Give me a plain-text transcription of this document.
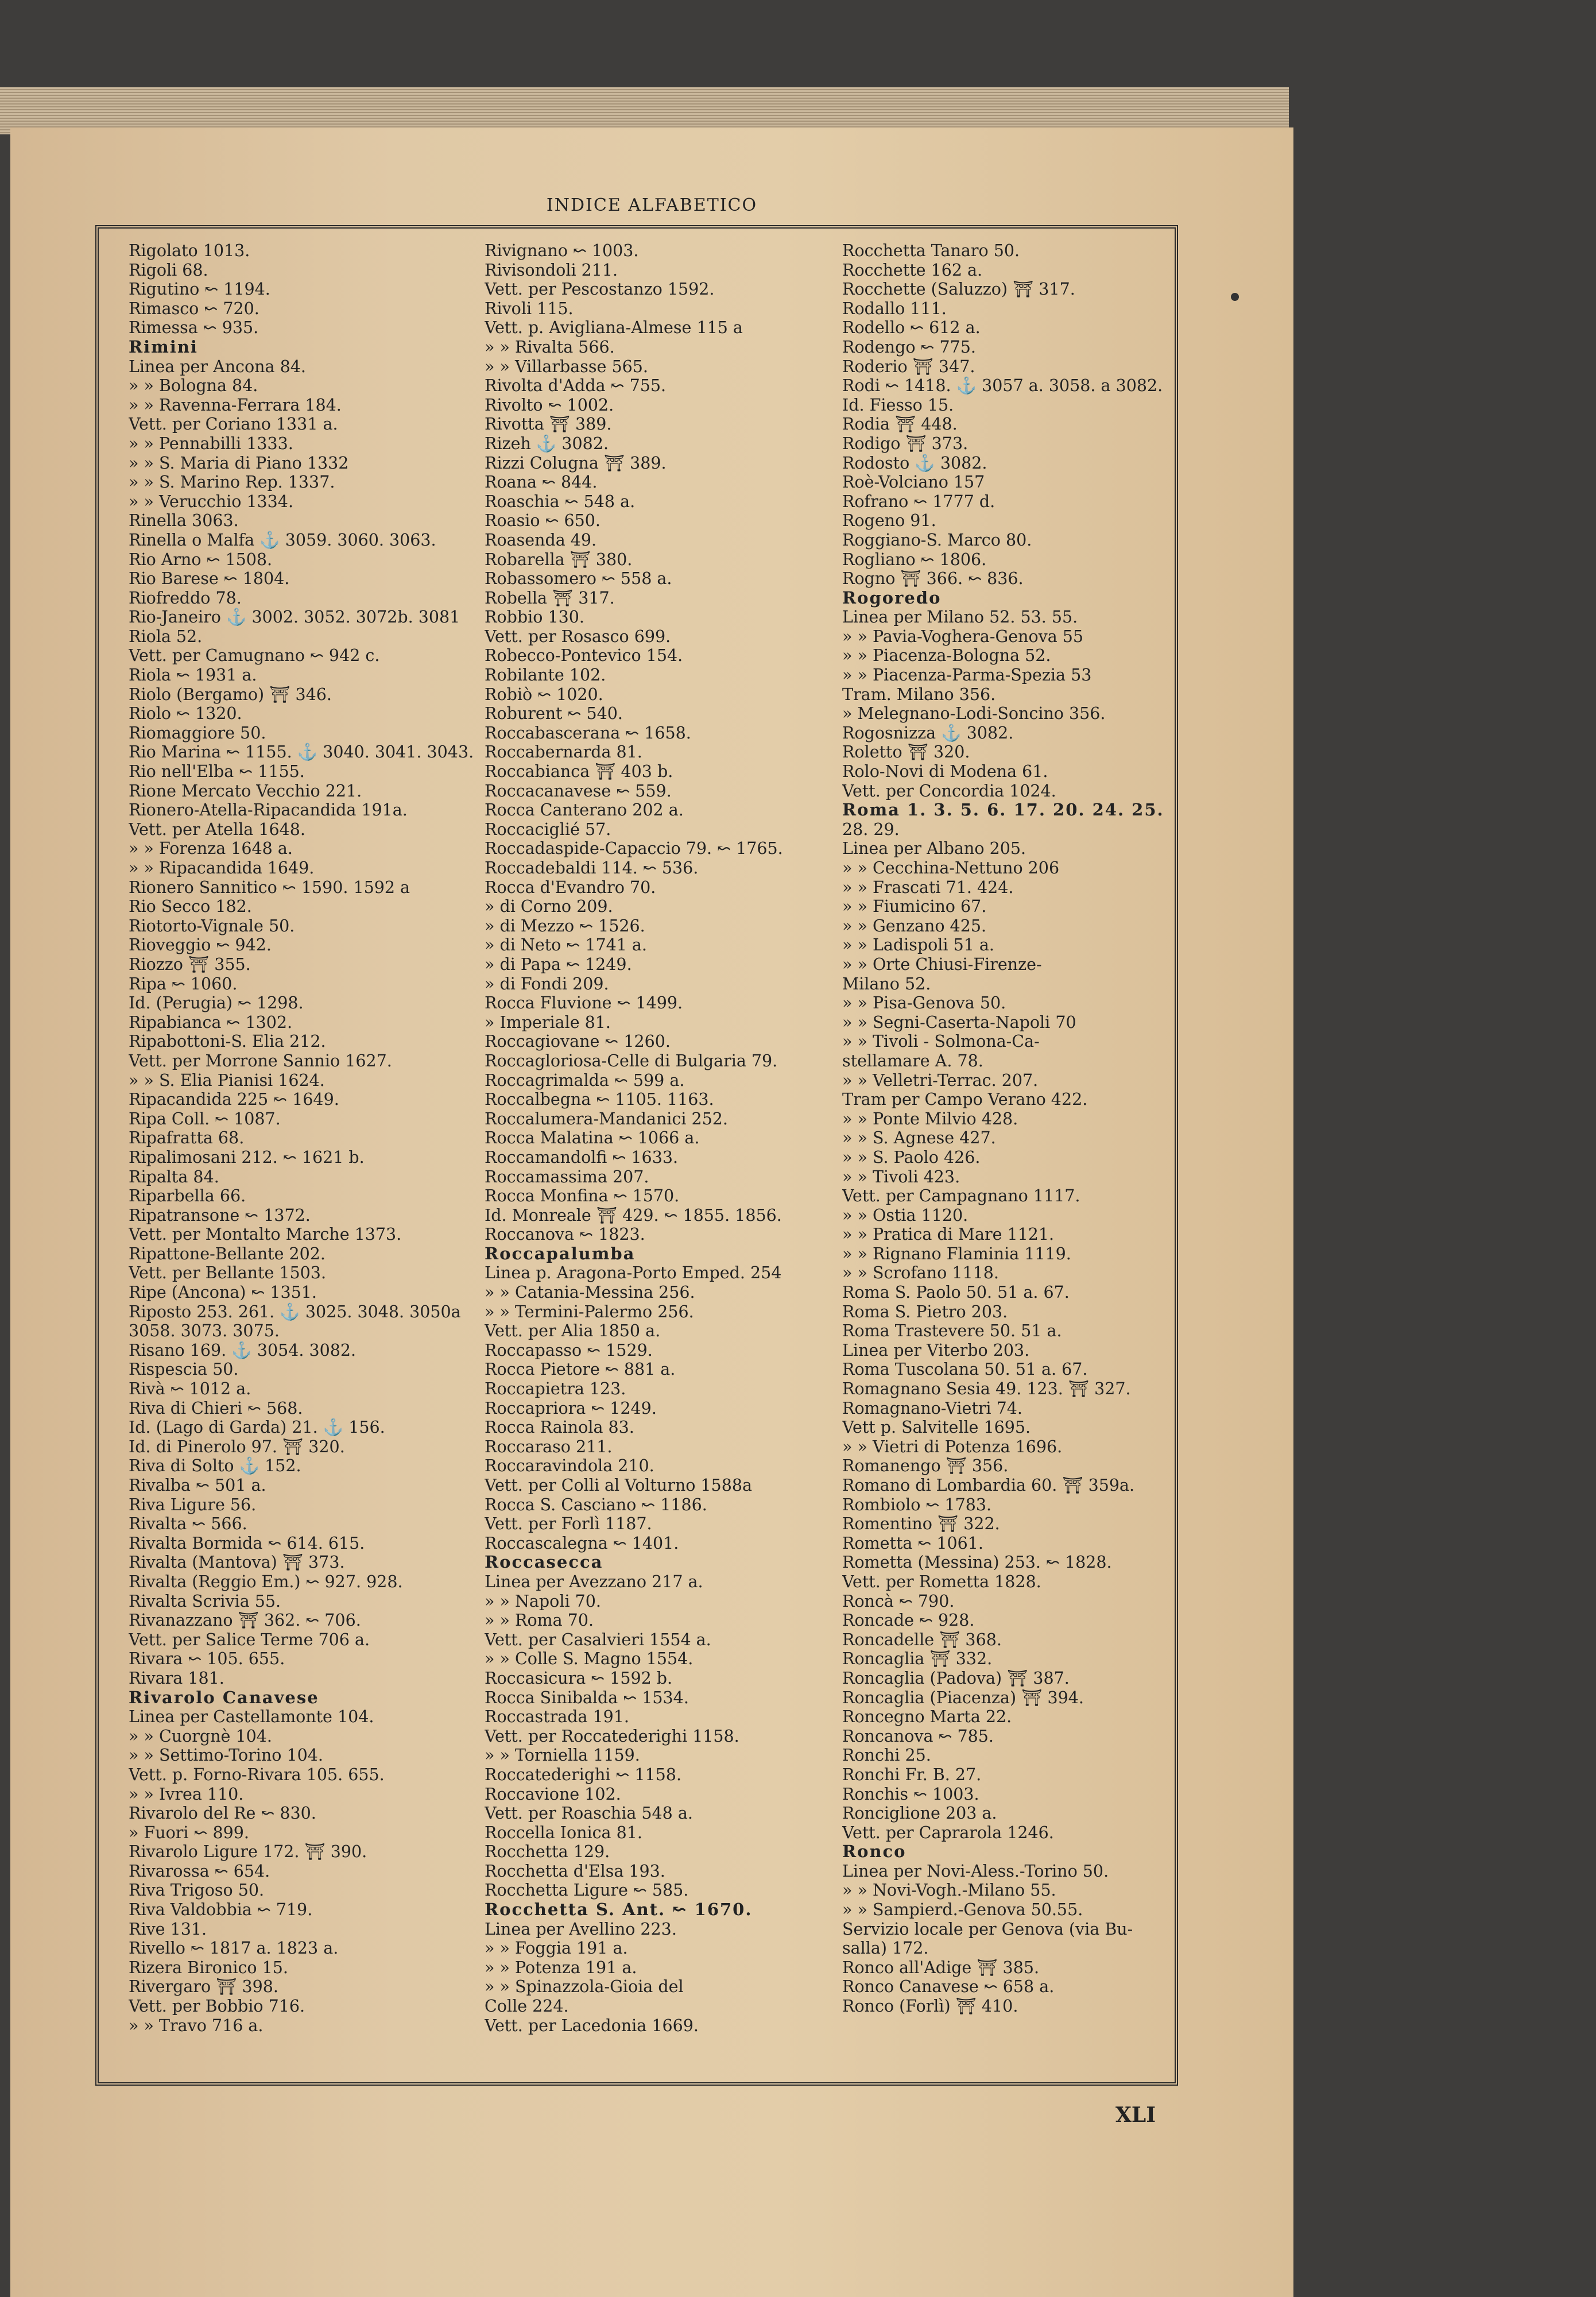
INDICE ALFABETICO
Rigolato 1013.
Rigoli 68.
Rigutino ↜ 1194.
Rimasco ↜ 720.
Rimessa ↜ 935.
Rimini
Linea per Ancona 84.
» » Bologna 84.
» » Ravenna-Ferrara 184.
Vett. per Coriano 1331 a.
» » Pennabilli 1333.
» » S. Maria di Piano 1332
» » S. Marino Rep. 1337.
» » Verucchio 1334.
Rinella 3063.
Rinella o Malfa ⚓ 3059. 3060. 3063.
Rio Arno ↜ 1508.
Rio Barese ↜ 1804.
Riofreddo 78.
Rio-Janeiro ⚓ 3002. 3052. 3072b. 3081
Riola 52.
Vett. per Camugnano ↜ 942 c.
Riola ↜ 1931 a.
Riolo (Bergamo) ⛩ 346.
Riolo ↜ 1320.
Riomaggiore 50.
Rio Marina ↜ 1155. ⚓ 3040. 3041. 3043.
Rio nell'Elba ↜ 1155.
Rione Mercato Vecchio 221.
Rionero-Atella-Ripacandida 191a.
Vett. per Atella 1648.
» » Forenza 1648 a.
» » Ripacandida 1649.
Rionero Sannitico ↜ 1590. 1592 a
Rio Secco 182.
Riotorto-Vignale 50.
Rioveggio ↜ 942.
Riozzo ⛩ 355.
Ripa ↜ 1060.
Id. (Perugia) ↜ 1298.
Ripabianca ↜ 1302.
Ripabottoni-S. Elia 212.
Vett. per Morrone Sannio 1627.
» » S. Elia Pianisi 1624.
Ripacandida 225 ↜ 1649.
Ripa Coll. ↜ 1087.
Ripafratta 68.
Ripalimosani 212. ↜ 1621 b.
Ripalta 84.
Riparbella 66.
Ripatransone ↜ 1372.
Vett. per Montalto Marche 1373.
Ripattone-Bellante 202.
Vett. per Bellante 1503.
Ripe (Ancona) ↜ 1351.
Riposto 253. 261. ⚓ 3025. 3048. 3050a
3058. 3073. 3075.
Risano 169. ⚓ 3054. 3082.
Rispescia 50.
Rivà ↜ 1012 a.
Riva di Chieri ↜ 568.
Id. (Lago di Garda) 21. ⚓ 156.
Id. di Pinerolo 97. ⛩ 320.
Riva di Solto ⚓ 152.
Rivalba ↜ 501 a.
Riva Ligure 56.
Rivalta ↜ 566.
Rivalta Bormida ↜ 614. 615.
Rivalta (Mantova) ⛩ 373.
Rivalta (Reggio Em.) ↜ 927. 928.
Rivalta Scrivia 55.
Rivanazzano ⛩ 362. ↜ 706.
Vett. per Salice Terme 706 a.
Rivara ↜ 105. 655.
Rivara 181.
Rivarolo Canavese
Linea per Castellamonte 104.
» » Cuorgnè 104.
» » Settimo-Torino 104.
Vett. p. Forno-Rivara 105. 655.
» » Ivrea 110.
Rivarolo del Re ↜ 830.
» Fuori ↜ 899.
Rivarolo Ligure 172. ⛩ 390.
Rivarossa ↜ 654.
Riva Trigoso 50.
Riva Valdobbia ↜ 719.
Rive 131.
Rivello ↜ 1817 a. 1823 a.
Rizera Bironico 15.
Rivergaro ⛩ 398.
Vett. per Bobbio 716.
» » Travo 716 a.
Rivignano ↜ 1003.
Rivisondoli 211.
Vett. per Pescostanzo 1592.
Rivoli 115.
Vett. p. Avigliana-Almese 115 a
» » Rivalta 566.
» » Villarbasse 565.
Rivolta d'Adda ↜ 755.
Rivolto ↜ 1002.
Rivotta ⛩ 389.
Rizeh ⚓ 3082.
Rizzi Colugna ⛩ 389.
Roana ↜ 844.
Roaschia ↜ 548 a.
Roasio ↜ 650.
Roasenda 49.
Robarella ⛩ 380.
Robassomero ↜ 558 a.
Robella ⛩ 317.
Robbio 130.
Vett. per Rosasco 699.
Robecco-Pontevico 154.
Robilante 102.
Robiò ↜ 1020.
Roburent ↜ 540.
Roccabascerana ↜ 1658.
Roccabernarda 81.
Roccabianca ⛩ 403 b.
Roccacanavese ↜ 559.
Rocca Canterano 202 a.
Roccaciglié 57.
Roccadaspide-Capaccio 79. ↜ 1765.
Roccadebaldi 114. ↜ 536.
Rocca d'Evandro 70.
» di Corno 209.
» di Mezzo ↜ 1526.
» di Neto ↜ 1741 a.
» di Papa ↜ 1249.
» di Fondi 209.
Rocca Fluvione ↜ 1499.
» Imperiale 81.
Roccagiovane ↜ 1260.
Roccagloriosa-Celle di Bulgaria 79.
Roccagrimalda ↜ 599 a.
Roccalbegna ↜ 1105. 1163.
Roccalumera-Mandanici 252.
Rocca Malatina ↜ 1066 a.
Roccamandolfi ↜ 1633.
Roccamassima 207.
Rocca Monfina ↜ 1570.
Id. Monreale ⛩ 429. ↜ 1855. 1856.
Roccanova ↜ 1823.
Roccapalumba
Linea p. Aragona-Porto Emped. 254
» » Catania-Messina 256.
» » Termini-Palermo 256.
Vett. per Alia 1850 a.
Roccapasso ↜ 1529.
Rocca Pietore ↜ 881 a.
Roccapietra 123.
Roccapriora ↜ 1249.
Rocca Rainola 83.
Roccaraso 211.
Roccaravindola 210.
Vett. per Colli al Volturno 1588a
Rocca S. Casciano ↜ 1186.
Vett. per Forlì 1187.
Roccascalegna ↜ 1401.
Roccasecca
Linea per Avezzano 217 a.
» » Napoli 70.
» » Roma 70.
Vett. per Casalvieri 1554 a.
» » Colle S. Magno 1554.
Roccasicura ↜ 1592 b.
Rocca Sinibalda ↜ 1534.
Roccastrada 191.
Vett. per Roccatederighi 1158.
» » Torniella 1159.
Roccatederighi ↜ 1158.
Roccavione 102.
Vett. per Roaschia 548 a.
Roccella Ionica 81.
Rocchetta 129.
Rocchetta d'Elsa 193.
Rocchetta Ligure ↜ 585.
Rocchetta S. Ant. ↜ 1670.
Linea per Avellino 223.
» » Foggia 191 a.
» » Potenza 191 a.
» » Spinazzola-Gioia del
Colle 224.
Vett. per Lacedonia 1669.
Rocchetta Tanaro 50.
Rocchette 162 a.
Rocchette (Saluzzo) ⛩ 317.
Rodallo 111.
Rodello ↜ 612 a.
Rodengo ↜ 775.
Roderio ⛩ 347.
Rodi ↜ 1418. ⚓ 3057 a. 3058. a 3082.
Id. Fiesso 15.
Rodia ⛩ 448.
Rodigo ⛩ 373.
Rodosto ⚓ 3082.
Roè-Volciano 157
Rofrano ↜ 1777 d.
Rogeno 91.
Roggiano-S. Marco 80.
Rogliano ↜ 1806.
Rogno ⛩ 366. ↜ 836.
Rogoredo
Linea per Milano 52. 53. 55.
» » Pavia-Voghera-Genova 55
» » Piacenza-Bologna 52.
» » Piacenza-Parma-Spezia 53
Tram. Milano 356.
» Melegnano-Lodi-Soncino 356.
Rogosnizza ⚓ 3082.
Roletto ⛩ 320.
Rolo-Novi di Modena 61.
Vett. per Concordia 1024.
Roma 1. 3. 5. 6. 17. 20. 24. 25.
28. 29.
Linea per Albano 205.
» » Cecchina-Nettuno 206
» » Frascati 71. 424.
» » Fiumicino 67.
» » Genzano 425.
» » Ladispoli 51 a.
» » Orte Chiusi-Firenze-
Milano 52.
» » Pisa-Genova 50.
» » Segni-Caserta-Napoli 70
» » Tivoli - Solmona-Ca-
stellamare A. 78.
» » Velletri-Terrac. 207.
Tram per Campo Verano 422.
» » Ponte Milvio 428.
» » S. Agnese 427.
» » S. Paolo 426.
» » Tivoli 423.
Vett. per Campagnano 1117.
» » Ostia 1120.
» » Pratica di Mare 1121.
» » Rignano Flaminia 1119.
» » Scrofano 1118.
Roma S. Paolo 50. 51 a. 67.
Roma S. Pietro 203.
Roma Trastevere 50. 51 a.
Linea per Viterbo 203.
Roma Tuscolana 50. 51 a. 67.
Romagnano Sesia 49. 123. ⛩ 327.
Romagnano-Vietri 74.
Vett p. Salvitelle 1695.
» » Vietri di Potenza 1696.
Romanengo ⛩ 356.
Romano di Lombardia 60. ⛩ 359a.
Rombiolo ↜ 1783.
Romentino ⛩ 322.
Rometta ↜ 1061.
Rometta (Messina) 253. ↜ 1828.
Vett. per Rometta 1828.
Roncà ↜ 790.
Roncade ↜ 928.
Roncadelle ⛩ 368.
Roncaglia ⛩ 332.
Roncaglia (Padova) ⛩ 387.
Roncaglia (Piacenza) ⛩ 394.
Roncegno Marta 22.
Roncanova ↜ 785.
Ronchi 25.
Ronchi Fr. B. 27.
Ronchis ↜ 1003.
Ronciglione 203 a.
Vett. per Caprarola 1246.
Ronco
Linea per Novi-Aless.-Torino 50.
» » Novi-Vogh.-Milano 55.
» » Sampierd.-Genova 50.55.
Servizio locale per Genova (via Bu-
salla) 172.
Ronco all'Adige ⛩ 385.
Ronco Canavese ↜ 658 a.
Ronco (Forlì) ⛩ 410.
XLI
